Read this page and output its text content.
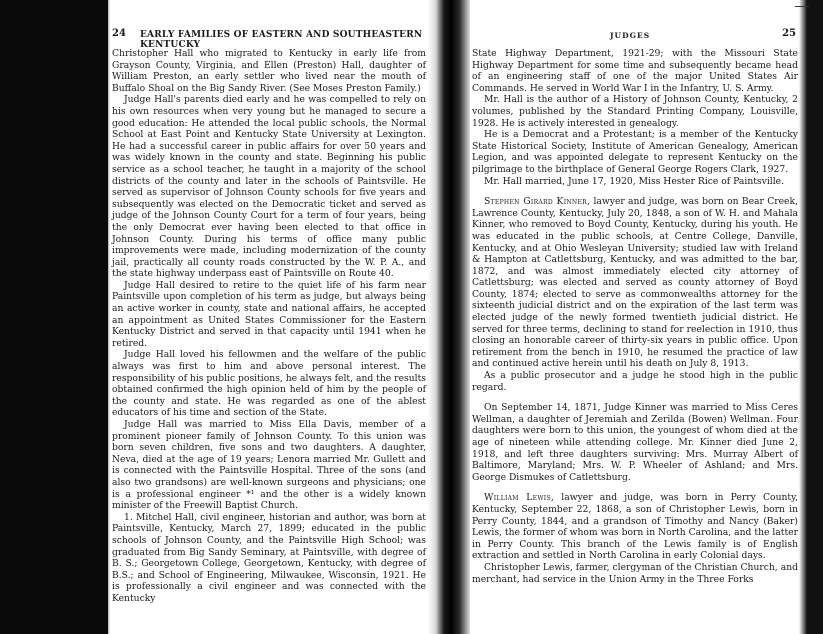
24 EARLY FAMILIES OF EASTERN AND SOUTHEASTERN KENTUCKY

Christopher Hall who migrated to Kentucky in early life from Grayson County, Virginia, and Ellen (Preston) Hall, daughter of William Preston, an early settler who lived near the mouth of Buffalo Shoal on the Big Sandy River. (See Moses Preston Family.)

Judge Hall's parents died early and he was compelled to rely on his own resources when very young but he managed to secure a good education: He attended the local public schools, the Normal School at East Point and Kentucky State University at Lexington. He had a successful career in public affairs for over 50 years and was widely known in the county and state. Beginning his public service as a school teacher, he taught in a majority of the school districts of the county and later in the schools of Paintsville. He served as supervisor of Johnson County schools for five years and subsequently was elected on the Democratic ticket and served as judge of the Johnson County Court for a term of four years, being the only Democrat ever having been elected to that office in Johnson County. During his terms of office many public improvements were made, including modernization of the county jail, practically all county roads constructed by the W. P. A., and the state highway underpass east of Paintsville on Route 40.

Judge Hall desired to retire to the quiet life of his farm near Paintsville upon completion of his term as judge, but always being an active worker in county, state and national affairs, he accepted an appointment as United States Commissioner for the Eastern Kentucky District and served in that capacity until 1941 when he retired.

Judge Hall loved his fellowmen and the welfare of the public always was first to him and above personal interest. The responsibility of his public positions, he always felt, and the results obtained confirmed the high opinion held of him by the people of the county and state. He was regarded as one of the ablest educators of his time and section of the State.

Judge Hall was married to Miss Ella Davis, member of a prominent pioneer family of Johnson County. To this union was born seven children, five sons and two daughters. A daughter, Neva, died at the age of 19 years; Lenora married Mr. Gullett and is connected with the Paintsville Hospital. Three of the sons (and also two grandsons) are well-known surgeons and physicians; one is a professional engineer *¹ and the other is a widely known minister of the Freewill Baptist Church.

1. Mitchel Hall, civil engineer, historian and author, was born at Paintsville, Kentucky, March 27, 1899; educated in the public schools of Johnson County, and the Paintsville High School; was graduated from Big Sandy Seminary, at Paintsville, with degree of B. S.; Georgetown College, Georgetown, Kentucky, with degree of B.S.; and School of Engineering, Milwaukee, Wisconsin, 1921. He is professionally a civil engineer and was connected with the Kentucky

JUDGES	25

State Highway Department, 1921-29; with the Missouri State Highway Department for some time and subsequently became head of an engineering staff of one of the major United States Air Commands. He served in World War I in the Infantry, U. S. Army.

Mr. Hall is the author of a History of Johnson County, Kentucky, 2 volumes, published by the Standard Printing Company, Louisville, 1928. He is actively interested in genealogy.

He is a Democrat and a Protestant; is a member of the Kentucky State Historical Society, Institute of American Genealogy, American Legion, and was appointed delegate to represent Kentucky on the pilgrimage to the birthplace of General George Rogers Clark, 1927.

Mr. Hall married, June 17, 1920, Miss Hester Rice of Paintsville.

Stephen Girard Kinner, lawyer and judge, was born on Bear Creek, Lawrence County, Kentucky, July 20, 1848, a son of W. H. and Mahala Kinner, who removed to Boyd County, Kentucky, during his youth. He was educated in the public schools, at Centre College, Danville, Kentucky, and at Ohio Wesleyan University; studied law with Ireland & Hampton at Catlettsburg, Kentucky, and was admitted to the bar, 1872, and was almost immediately elected city attorney of Catlettsburg; was elected and served as county attorney of Boyd County, 1874; elected to serve as commonwealths attorney for the sixteenth judicial district and on the expiration of the last term was elected judge of the newly formed twentieth judicial district. He served for three terms, declining to stand for reelection in 1910, thus closing an honorable career of thirty-six years in public office. Upon retirement from the bench in 1910, he resumed the practice of law and continued active herein until his death on July 8, 1913.

As a public prosecutor and a judge he stood high in the public regard.

On September 14, 1871, Judge Kinner was married to Miss Ceres Wellman, a daughter of Jeremiah and Zerilda (Bowen) Wellman. Four daughters were born to this union, the youngest of whom died at the age of nineteen while attending college. Mr. Kinner died June 2, 1918, and left three daughters surviving: Mrs. Murray Albert of Baltimore, Maryland; Mrs. W. P. Wheeler of Ashland; and Mrs. George Dismukes of Catlettsburg.

William Lewis, lawyer and judge, was born in Perry County, Kentucky, September 22, 1868, a son of Christopher Lewis, born in Perry County, 1844, and a grandson of Timothy and Nancy (Baker) Lewis, the former of whom was born in North Carolina, and the latter in Perry County. This branch of the Lewis family is of English extraction and settled in North Carolina in early Colonial days.

Christopher Lewis, farmer, clergyman of the Christian Church, and merchant, had service in the Union Army in the Three Forks
